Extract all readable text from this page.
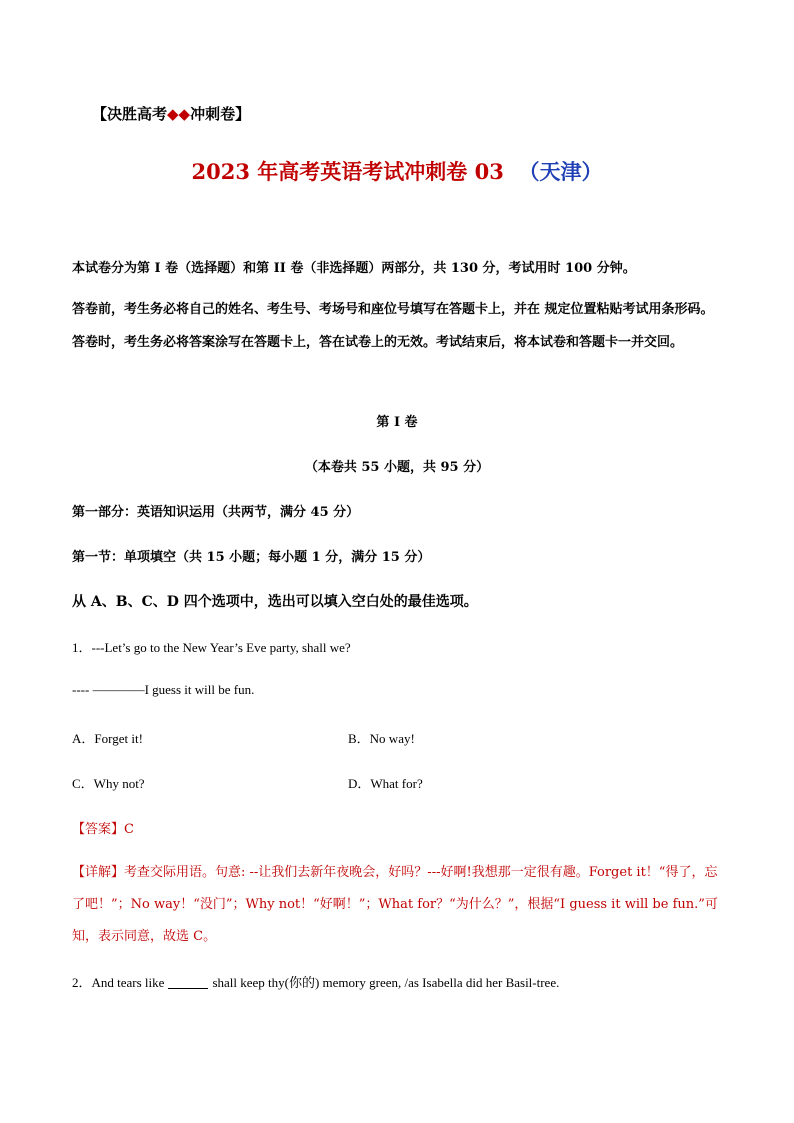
【决胜高考◆◆冲刺卷】
2023 年高考英语考试冲刺卷 03 （天津）
本试卷分为第 I 卷（选择题）和第 II 卷（非选择题）两部分，共 130 分，考试用时 100 分钟。
答卷前，考生务必将自己的姓名、考生号、考场号和座位号填写在答题卡上，并在 规定位置粘贴考试用条形码。答卷时，考生务必将答案涂写在答题卡上，答在试卷上的无效。考试结束后，将本试卷和答题卡一并交回。
第 I 卷
（本卷共 55 小题，共 95 分）
第一部分：英语知识运用（共两节，满分 45 分）
第一节：单项填空（共 15 小题；每小题 1 分，满分 15 分）
从 A、B、C、D 四个选项中，选出可以填入空白处的最佳选项。
1．---Let’s go to the New Year’s Eve party, shall we?
---- ————I guess it will be fun.
A．Forget it!	B．No way!
C．Why not?	D．What for?
【答案】C
【详解】考查交际用语。句意: --让我们去新年夜晚会，好吗？---好啊!我想那一定很有趣。Forget it！“得了，忘了吧！”；No way！“没门”；Why not！“好啊！”；What for？“为什么？”，根据“I guess it will be fun.”可知，表示同意，故选 C。
2．And tears like	shall keep thy(你的) memory green, /as Isabella did her Basil-tree.
